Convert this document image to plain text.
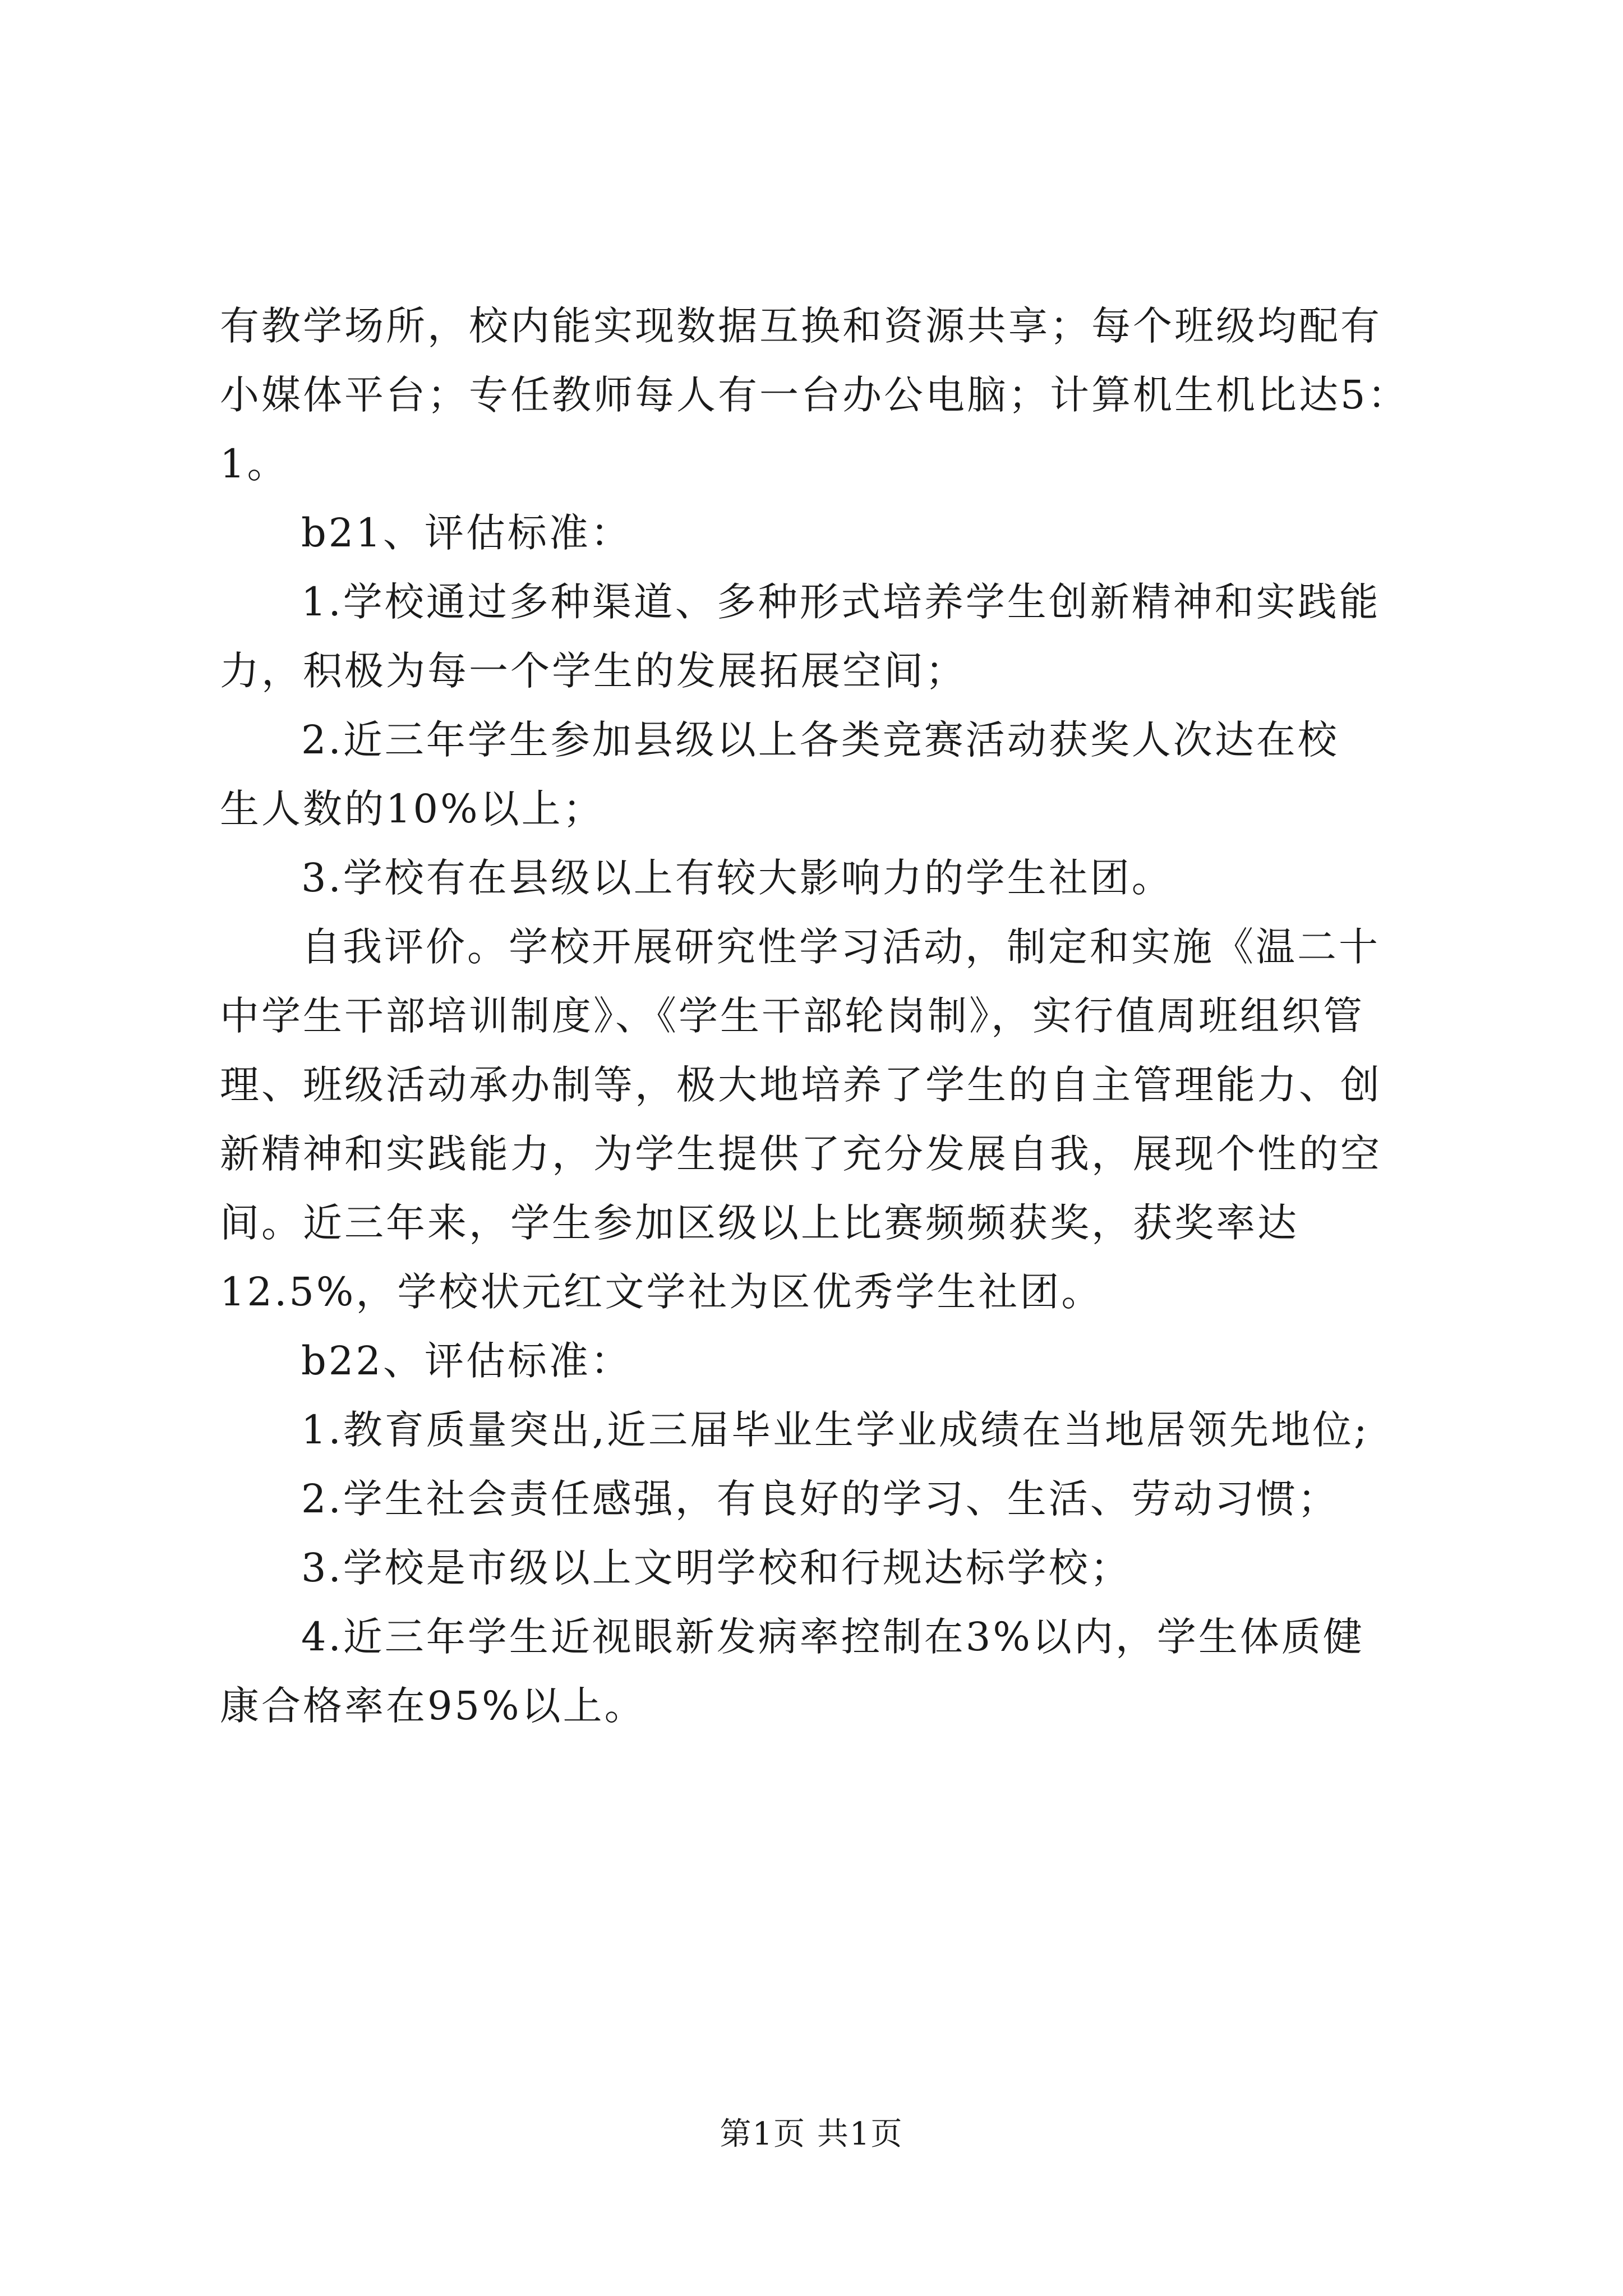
有教学场所，校内能实现数据互换和资源共享；每个班级均配有
小媒体平台；专任教师每人有一台办公电脑；计算机生机比达5：
1。
b21、评估标准：
1.学校通过多种渠道、多种形式培养学生创新精神和实践能
力，积极为每一个学生的发展拓展空间；
2.近三年学生参加县级以上各类竞赛活动获奖人次达在校
生人数的10%以上；
3.学校有在县级以上有较大影响力的学生社团。
自我评价。学校开展研究性学习活动，制定和实施《温二十
中学生干部培训制度》、《学生干部轮岗制》，实行值周班组织管
理、班级活动承办制等，极大地培养了学生的自主管理能力、创
新精神和实践能力，为学生提供了充分发展自我，展现个性的空
间。近三年来，学生参加区级以上比赛频频获奖，获奖率达
12.5%，学校状元红文学社为区优秀学生社团。
b22、评估标准：
1.教育质量突出,近三届毕业生学业成绩在当地居领先地位;
2.学生社会责任感强，有良好的学习、生活、劳动习惯；
3.学校是市级以上文明学校和行规达标学校；
4.近三年学生近视眼新发病率控制在3%以内，学生体质健
康合格率在95%以上。
第1页 共1页
